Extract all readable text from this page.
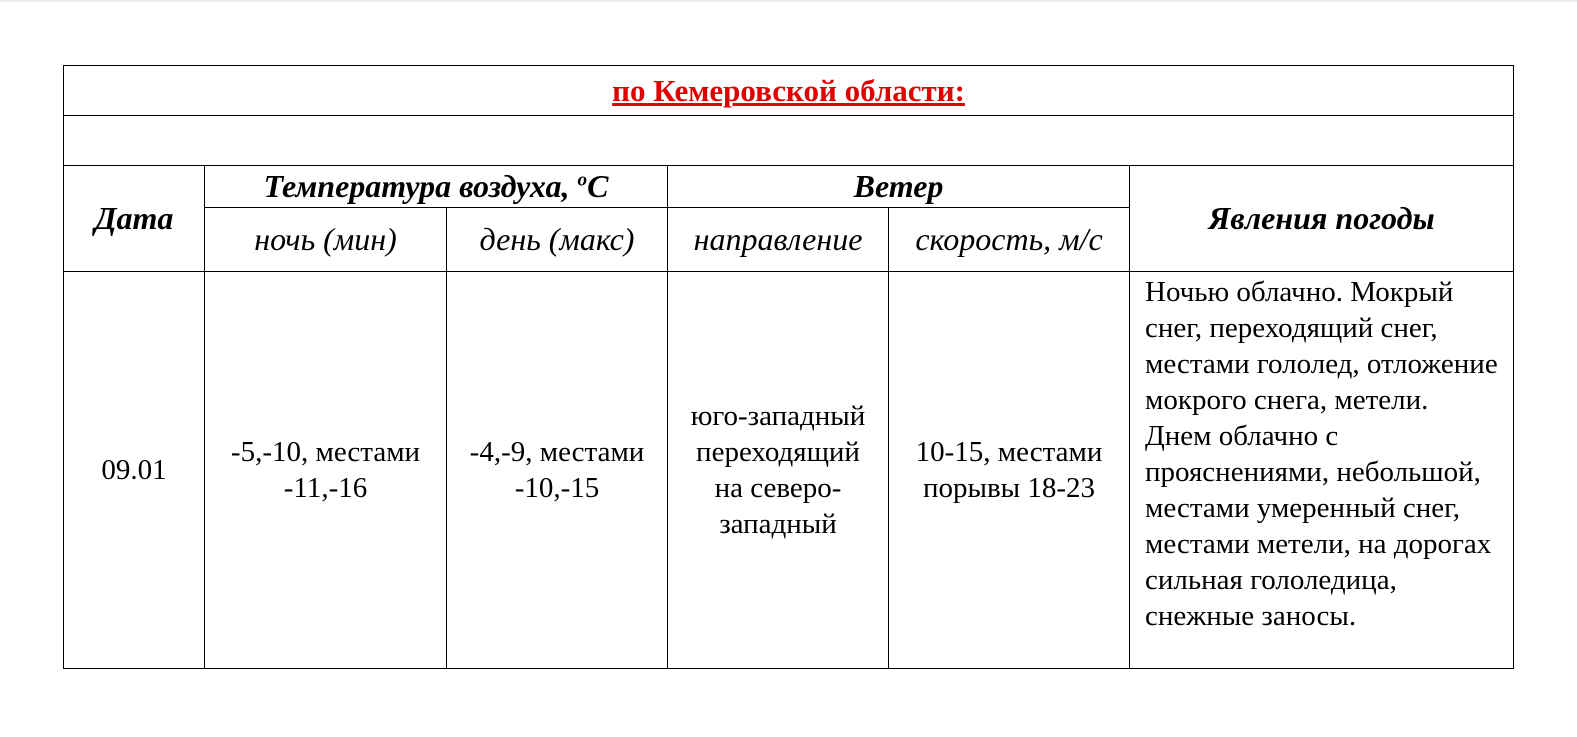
по Кемеровской области:					

Дата	Температура воздуха, $^о$С		Ветер		Явления погоды
	ночь (мин)	день (макс)	направление	скорость, м/с	
09.01	-5,-10, местами -11,-16	-4,-9, местами -10,-15	юго-западный переходящий на северо-западный	10-15, местами порывы 18-23	Ночью облачно. Мокрый снег, переходящий снег, местами гололед, отложение мокрого снега, метели. Днем облачно с прояснениями, небольшой, местами умеренный снег, местами метели, на дорогах сильная гололедица, снежные заносы.
